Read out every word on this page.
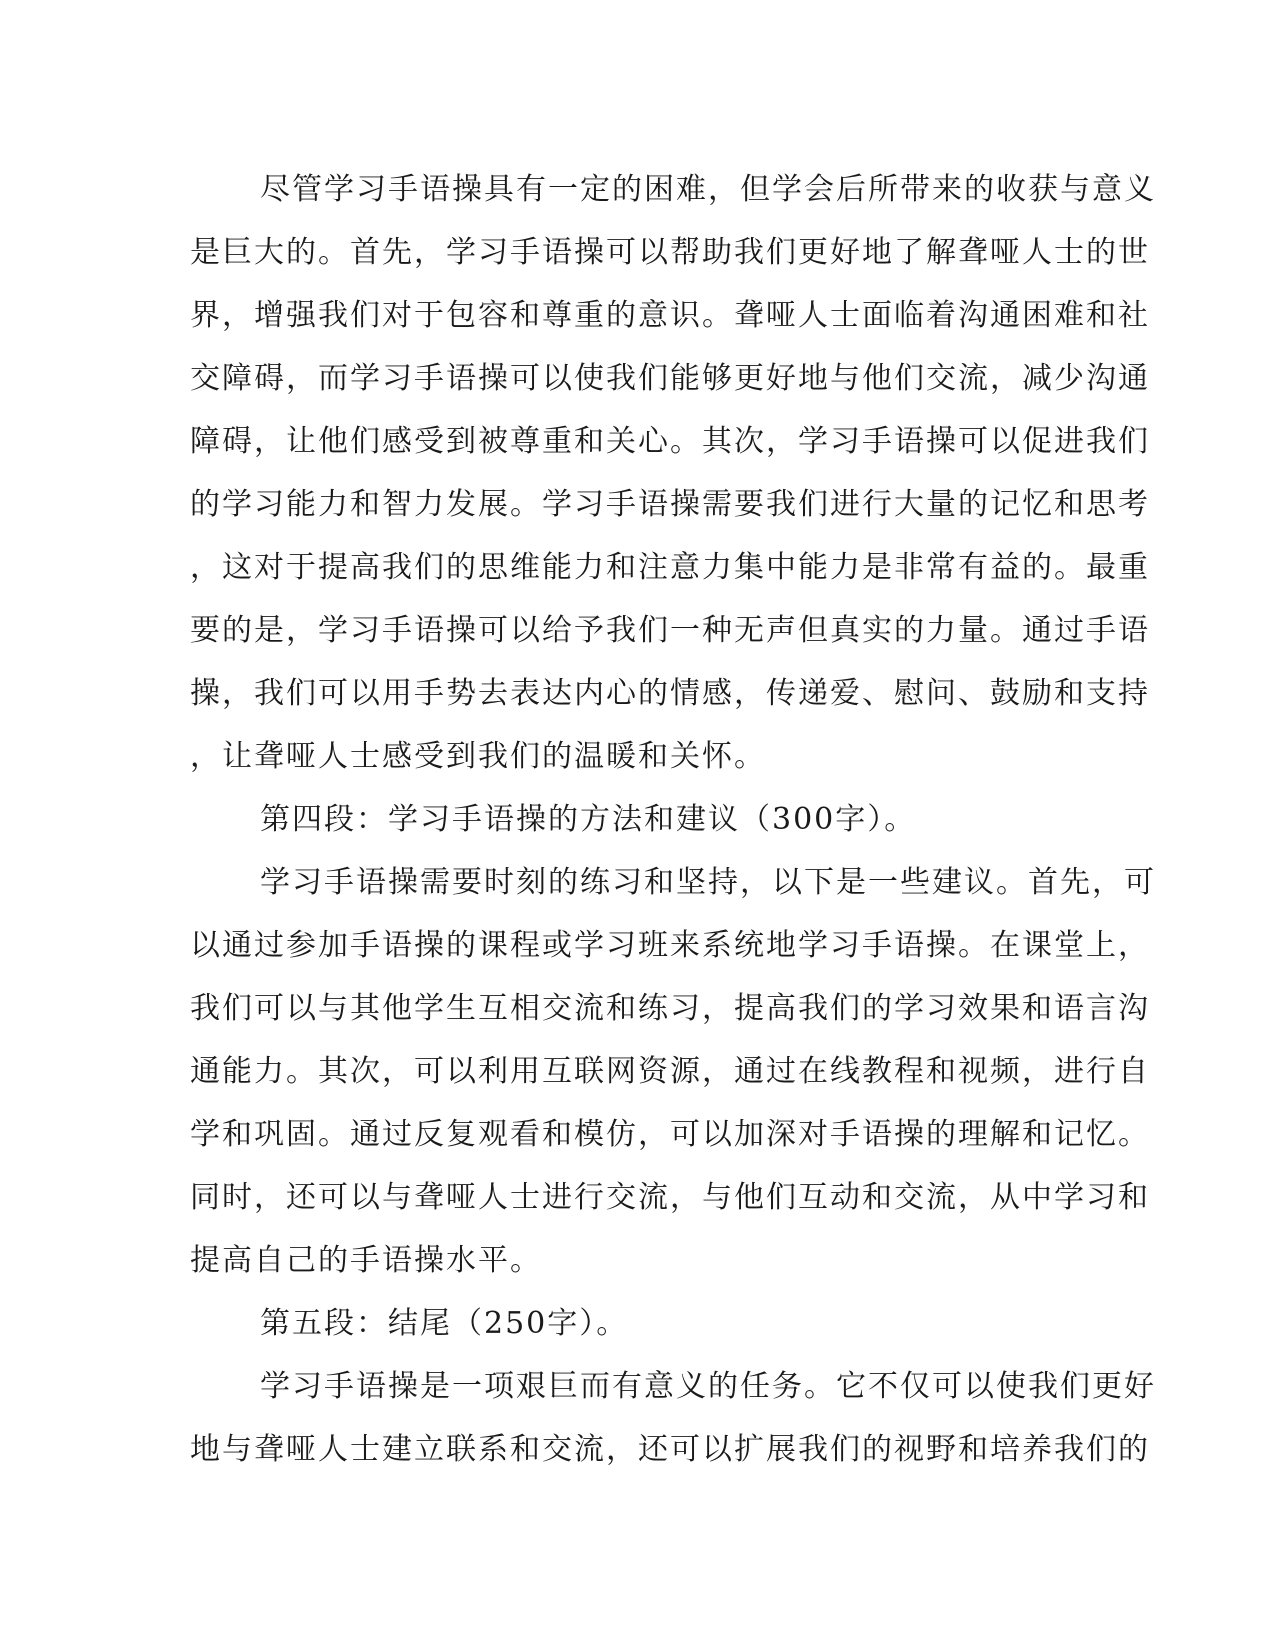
尽管学习手语操具有一定的困难，但学会后所带来的收获与意义
是巨大的。首先，学习手语操可以帮助我们更好地了解聋哑人士的世
界，增强我们对于包容和尊重的意识。聋哑人士面临着沟通困难和社
交障碍，而学习手语操可以使我们能够更好地与他们交流，减少沟通
障碍，让他们感受到被尊重和关心。其次，学习手语操可以促进我们
的学习能力和智力发展。学习手语操需要我们进行大量的记忆和思考
，这对于提高我们的思维能力和注意力集中能力是非常有益的。最重
要的是，学习手语操可以给予我们一种无声但真实的力量。通过手语
操，我们可以用手势去表达内心的情感，传递爱、慰问、鼓励和支持
，让聋哑人士感受到我们的温暖和关怀。
第四段：学习手语操的方法和建议（300字）。
学习手语操需要时刻的练习和坚持，以下是一些建议。首先，可
以通过参加手语操的课程或学习班来系统地学习手语操。在课堂上，
我们可以与其他学生互相交流和练习，提高我们的学习效果和语言沟
通能力。其次，可以利用互联网资源，通过在线教程和视频，进行自
学和巩固。通过反复观看和模仿，可以加深对手语操的理解和记忆。
同时，还可以与聋哑人士进行交流，与他们互动和交流，从中学习和
提高自己的手语操水平。
第五段：结尾（250字）。
学习手语操是一项艰巨而有意义的任务。它不仅可以使我们更好
地与聋哑人士建立联系和交流，还可以扩展我们的视野和培养我们的
